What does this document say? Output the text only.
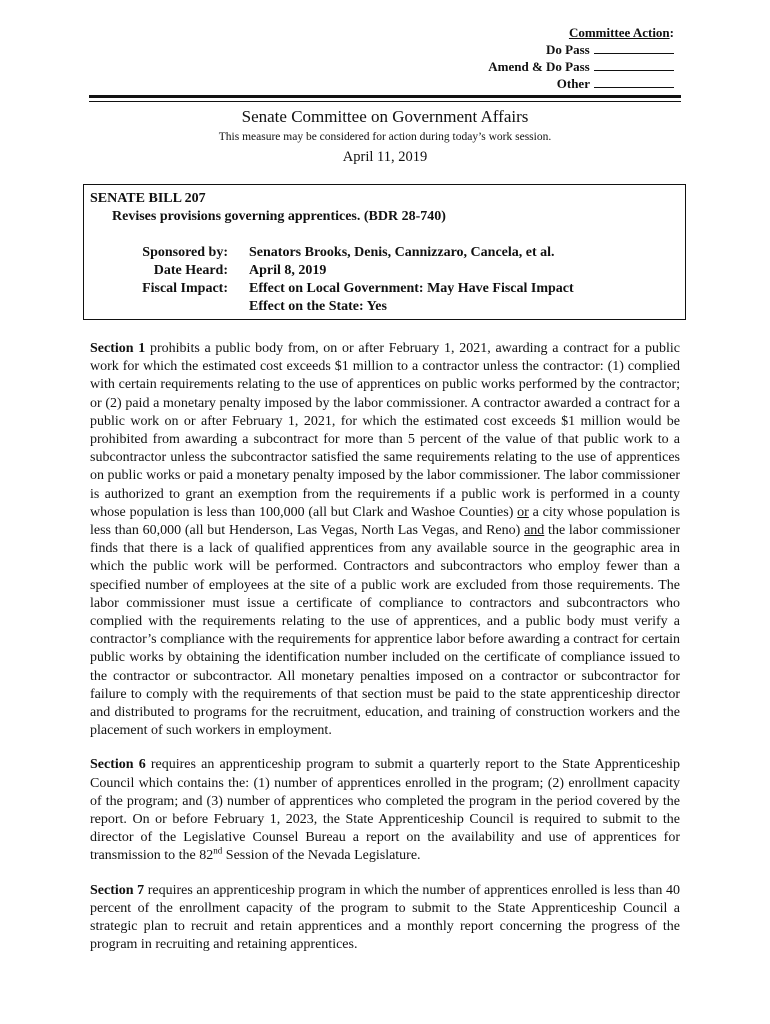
Committee Action:
Do Pass
Amend & Do Pass
Other
Senate Committee on Government Affairs
This measure may be considered for action during today’s work session.
April 11, 2019
SENATE BILL 207
Revises provisions governing apprentices. (BDR 28-740)
Sponsored by: Senators Brooks, Denis, Cannizzaro, Cancela, et al.
Date Heard: April 8, 2019
Fiscal Impact: Effect on Local Government: May Have Fiscal Impact
Effect on the State: Yes

Section 1 prohibits a public body from, on or after February 1, 2021, awarding a contract for a public work for which the estimated cost exceeds $1 million to a contractor unless the contractor: (1) complied with certain requirements relating to the use of apprentices on public works performed by the contractor; or (2) paid a monetary penalty imposed by the labor commissioner. A contractor awarded a contract for a public work on or after February 1, 2021, for which the estimated cost exceeds $1 million would be prohibited from awarding a subcontract for more than 5 percent of the value of that public work to a subcontractor unless the subcontractor satisfied the same requirements relating to the use of apprentices on public works or paid a monetary penalty imposed by the labor commissioner. The labor commissioner is authorized to grant an exemption from the requirements if a public work is performed in a county whose population is less than 100,000 (all but Clark and Washoe Counties) or a city whose population is less than 60,000 (all but Henderson, Las Vegas, North Las Vegas, and Reno) and the labor commissioner finds that there is a lack of qualified apprentices from any available source in the geographic area in which the public work will be performed. Contractors and subcontractors who employ fewer than a specified number of employees at the site of a public work are excluded from those requirements. The labor commissioner must issue a certificate of compliance to contractors and subcontractors who complied with the requirements relating to the use of apprentices, and a public body must verify a contractor’s compliance with the requirements for apprentice labor before awarding a contract for certain public works by obtaining the identification number included on the certificate of compliance issued to the contractor or subcontractor. All monetary penalties imposed on a contractor or subcontractor for failure to comply with the requirements of that section must be paid to the state apprenticeship director and distributed to programs for the recruitment, education, and training of construction workers and the placement of such workers in employment.

Section 6 requires an apprenticeship program to submit a quarterly report to the State Apprenticeship Council which contains the: (1) number of apprentices enrolled in the program; (2) enrollment capacity of the program; and (3) number of apprentices who completed the program in the period covered by the report. On or before February 1, 2023, the State Apprenticeship Council is required to submit to the director of the Legislative Counsel Bureau a report on the availability and use of apprentices for transmission to the 82nd Session of the Nevada Legislature.

Section 7 requires an apprenticeship program in which the number of apprentices enrolled is less than 40 percent of the enrollment capacity of the program to submit to the State Apprenticeship Council a strategic plan to recruit and retain apprentices and a monthly report concerning the progress of the program in recruiting and retaining apprentices.
